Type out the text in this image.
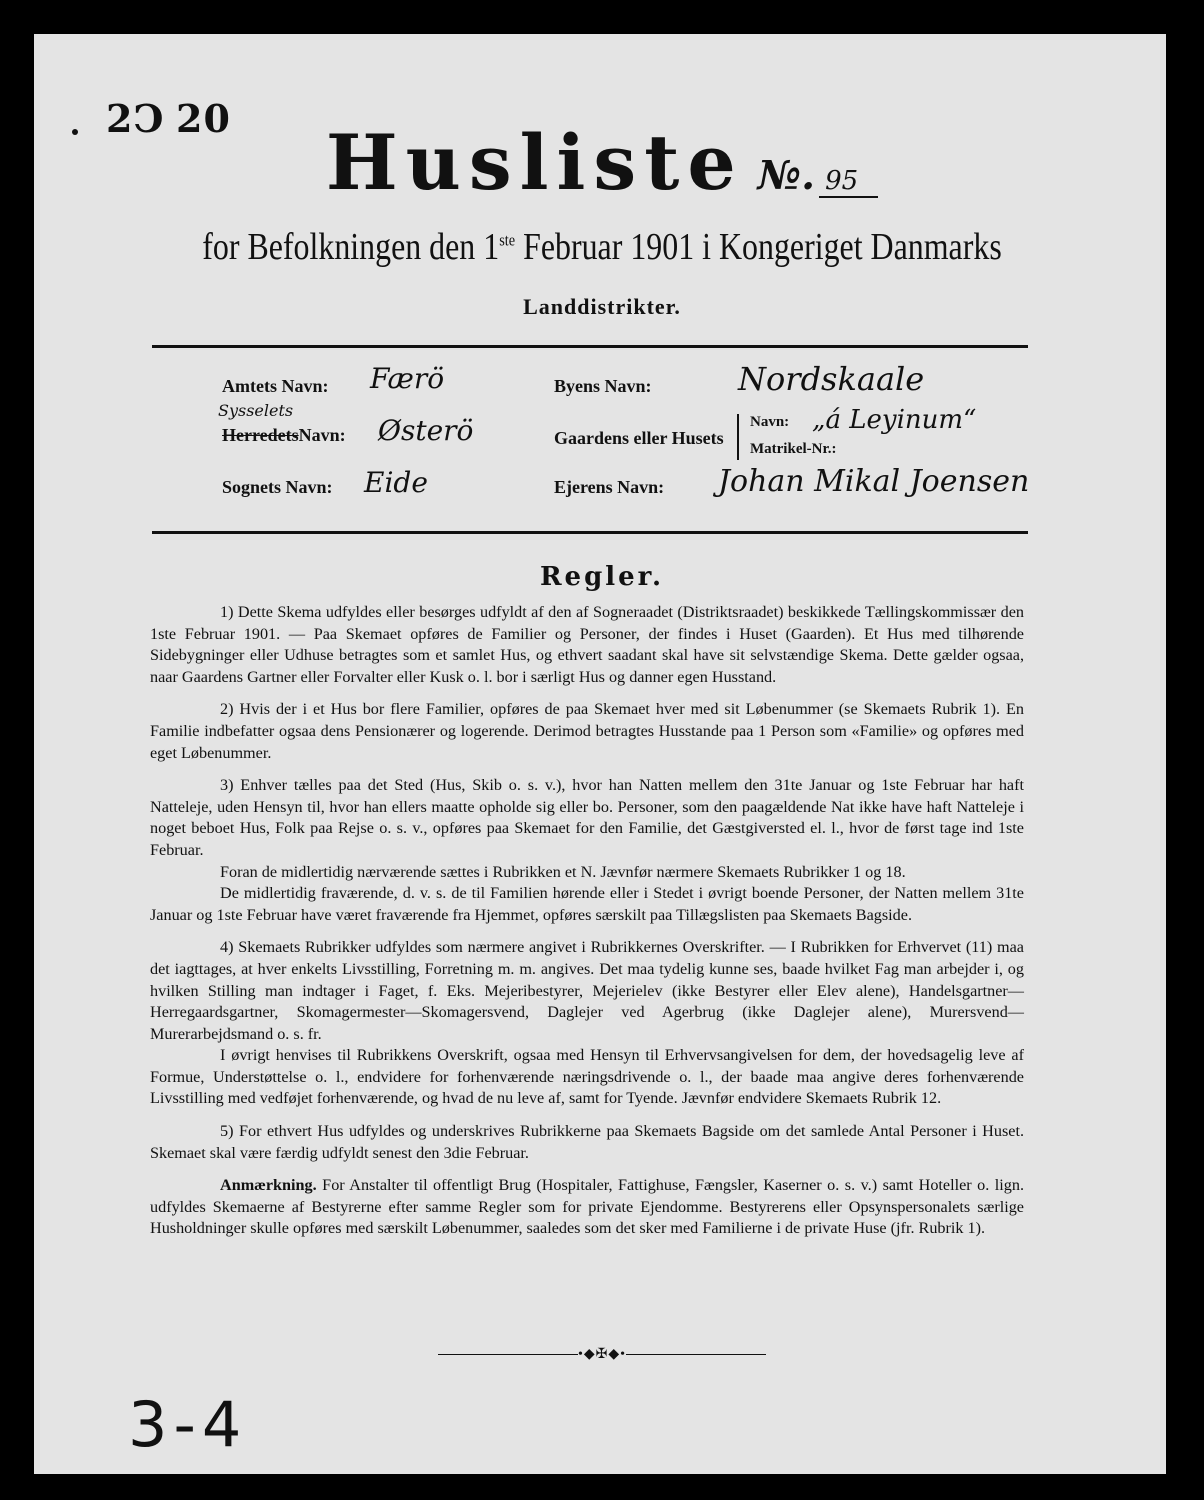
2Ͻ 20	Husliste №. 95
for Befolkningen den 1ste Februar 1901 i Kongeriget Danmarks
Landdistrikter.
Amtets Navn: Færö
Sysselets
HerredetsNavn: Østerö
Sognets Navn: Eide
Byens Navn:	Nordskaale
Gaardens eller Husets
Navn: „á Leyinum“
Matrikel-Nr.:
Ejerens Navn: Johan Mikal Joensen
Regler.

1) Dette Skema udfyldes eller besørges udfyldt af den af Sogneraadet (Distriktsraadet) beskikkede Tællingskommissær den 1ste Februar 1901. — Paa Skemaet opføres de Familier og Personer, der findes i Huset (Gaarden). Et Hus med tilhørende Sidebygninger eller Udhuse betragtes som et samlet Hus, og ethvert saadant skal have sit selvstændige Skema. Dette gælder ogsaa, naar Gaardens Gartner eller Forvalter eller Kusk o. l. bor i særligt Hus og danner egen Husstand.

2) Hvis der i et Hus bor flere Familier, opføres de paa Skemaet hver med sit Løbenummer (se Skemaets Rubrik 1). En Familie indbefatter ogsaa dens Pensionærer og logerende. Derimod betragtes Husstande paa 1 Person som «Familie» og opføres med eget Løbenummer.

3) Enhver tælles paa det Sted (Hus, Skib o. s. v.), hvor han Natten mellem den 31te Januar og 1ste Februar har haft Natteleje, uden Hensyn til, hvor han ellers maatte opholde sig eller bo. Personer, som den paagældende Nat ikke have haft Natteleje i noget beboet Hus, Folk paa Rejse o. s. v., opføres paa Skemaet for den Familie, det Gæstgiversted el. l., hvor de først tage ind 1ste Februar.

Foran de midlertidig nærværende sættes i Rubrikken et N. Jævnfør nærmere Skemaets Rubrikker 1 og 18.

De midlertidig fraværende, d. v. s. de til Familien hørende eller i Stedet i øvrigt boende Personer, der Natten mellem 31te Januar og 1ste Februar have været fraværende fra Hjemmet, opføres særskilt paa Tillægslisten paa Skemaets Bagside.

4) Skemaets Rubrikker udfyldes som nærmere angivet i Rubrikkernes Overskrifter. — I Rubrikken for Erhvervet (11) maa det iagttages, at hver enkelts Livsstilling, Forretning m. m. angives. Det maa tydelig kunne ses, baade hvilket Fag man arbejder i, og hvilken Stilling man indtager i Faget, f. Eks. Mejeribestyrer, Mejerielev (ikke Bestyrer eller Elev alene), Handelsgartner—Herregaardsgartner, Skomagermester—Skomagersvend, Daglejer ved Agerbrug (ikke Daglejer alene), Murersvend—Murerarbejdsmand o. s. fr.

I øvrigt henvises til Rubrikkens Overskrift, ogsaa med Hensyn til Erhvervsangivelsen for dem, der hovedsagelig leve af Formue, Understøttelse o. l., endvidere for forhenværende næringsdrivende o. l., der baade maa angive deres forhenværende Livsstilling med vedføjet forhenværende, og hvad de nu leve af, samt for Tyende. Jævnfør endvidere Skemaets Rubrik 12.

5) For ethvert Hus udfyldes og underskrives Rubrikkerne paa Skemaets Bagside om det samlede Antal Personer i Huset. Skemaet skal være færdig udfyldt senest den 3die Februar.

Anmærkning. For Anstalter til offentligt Brug (Hospitaler, Fattighuse, Fængsler, Kaserner o. s. v.) samt Hoteller o. lign. udfyldes Skemaerne af Bestyrerne efter samme Regler som for private Ejendomme. Bestyrerens eller Opsynspersonalets særlige Husholdninger skulle opføres med særskilt Løbenummer, saaledes som det sker med Familierne i de private Huse (jfr. Rubrik 1).

•◆✠◆•
3-4
